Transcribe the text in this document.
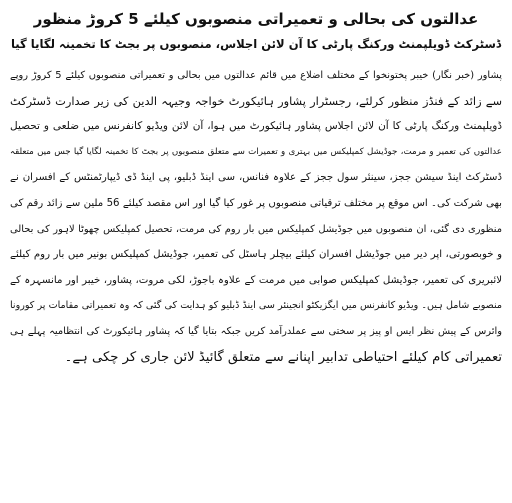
عدالتوں کی بحالی و تعمیراتی منصوبوں کیلئے 5 کروڑ منظور
ڈسٹرکٹ ڈویلپمنٹ ورکنگ پارٹی کا آن لائن اجلاس، منصوبوں پر بجٹ کا تخمینہ لگایا گیا

پشاور (خبر نگار) خیبر پختونخوا کے مختلف اضلاع میں قائم عدالتوں میں بحالی و تعمیراتی منصوبوں کیلئے 5 کروڑ روپے

سے زائد کے فنڈز منظور کرلئے، رجسٹرار پشاور ہائیکورٹ خواجہ وجیہہ الدین کی زیر صدارت ڈسٹرکٹ

ڈویلپمنٹ ورکنگ پارٹی کا آن لائن اجلاس پشاور ہائیکورٹ میں ہوا، آن لائن ویڈیو کانفرنس میں ضلعی و تحصیل

عدالتوں کی تعمیر و مرمت، جوڈیشل کمپلیکس میں بہتری و تعمیرات سے متعلق منصوبوں پر بجٹ کا تخمینہ لگایا گیا جس میں متعلقہ

ڈسٹرکٹ اینڈ سیشن ججز، سینئر سول ججز کے علاوہ فنانس، سی اینڈ ڈبلیو، پی اینڈ ڈی ڈیپارٹمنٹس کے افسران نے

بھی شرکت کی۔ اس موقع پر مختلف ترقیاتی منصوبوں پر غور کیا گیا اور اس مقصد کیلئے 56 ملین سے زائد رقم کی

منظوری دی گئی، ان منصوبوں میں جوڈیشل کمپلیکس میں بار روم کی مرمت، تحصیل کمپلیکس چھوٹا لاہور کی بحالی

و خوبصورتی، اپر دیر میں جوڈیشل افسران کیلئے بیچلر ہاسٹل کی تعمیر، جوڈیشل کمپلیکس بونیر میں بار روم کیلئے

لائبریری کی تعمیر، جوڈیشل کمپلیکس صوابی میں مرمت کے علاوہ باجوڑ، لکی مروت، پشاور، خیبر اور مانسہرہ کے

منصوبے شامل ہیں۔ ویڈیو کانفرنس میں ایگزیکٹو انجینئر سی اینڈ ڈبلیو کو ہدایت کی گئی کہ وہ تعمیراتی مقامات پر کورونا

وائرس کے پیش نظر ایس او پیز پر سختی سے عملدرآمد کریں جبکہ بتایا گیا کہ پشاور ہائیکورٹ کی انتظامیہ پہلے ہی

تعمیراتی کام کیلئے احتیاطی تدابیر اپنانے سے متعلق گائیڈ لائن جاری کر چکی ہے۔
